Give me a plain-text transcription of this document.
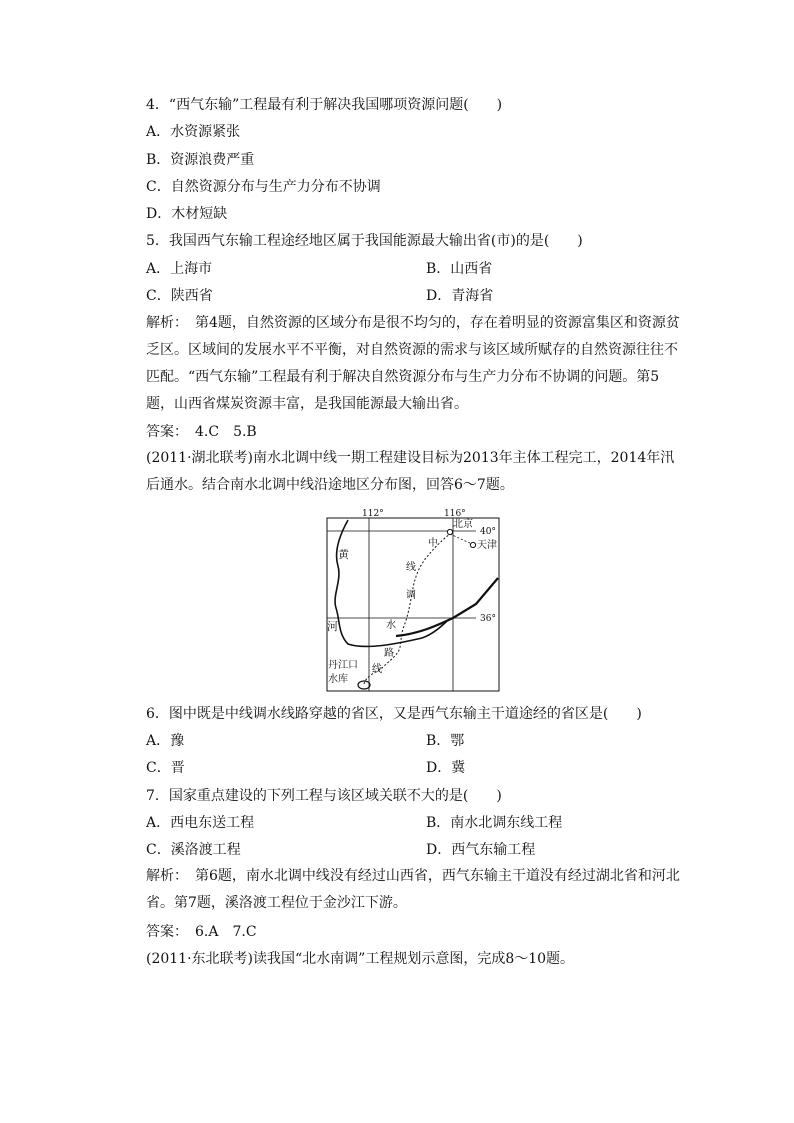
4．“西气东输”工程最有利于解决我国哪项资源问题(　　)
A．水资源紧张
B．资源浪费严重
C．自然资源分布与生产力分布不协调
D．木材短缺
5．我国西气东输工程途经地区属于我国能源最大输出省(市)的是(　　)
A．上海市	B．山西省
C．陕西省	D．青海省
解析：　第4题，自然资源的区域分布是很不均匀的，存在着明显的资源富集区和资源贫乏区。区域间的发展水平不平衡，对自然资源的需求与该区域所赋存的自然资源往往不匹配。“西气东输”工程最有利于解决自然资源分布与生产力分布不协调的问题。第5题，山西省煤炭资源丰富，是我国能源最大输出省。
答案：　4.C　5.B
(2011·湖北联考)南水北调中线一期工程建设目标为2013年主体工程完工，2014年汛后通水。结合南水北调中线沿途地区分布图，回答6～7题。
112°	116°
40°
36°
北京
天津
黄
河
中
线
调
水
路
线
丹江口
水库
6．图中既是中线调水线路穿越的省区，又是西气东输主干道途经的省区是(　　)
A．豫	B．鄂
C．晋	D．冀
7．国家重点建设的下列工程与该区域关联不大的是(　　)
A．西电东送工程	B．南水北调东线工程
C．溪洛渡工程	D．西气东输工程
解析：　第6题，南水北调中线没有经过山西省，西气东输主干道没有经过湖北省和河北省。第7题，溪洛渡工程位于金沙江下游。
答案：　6.A　7.C
(2011·东北联考)读我国“北水南调”工程规划示意图，完成8～10题。
